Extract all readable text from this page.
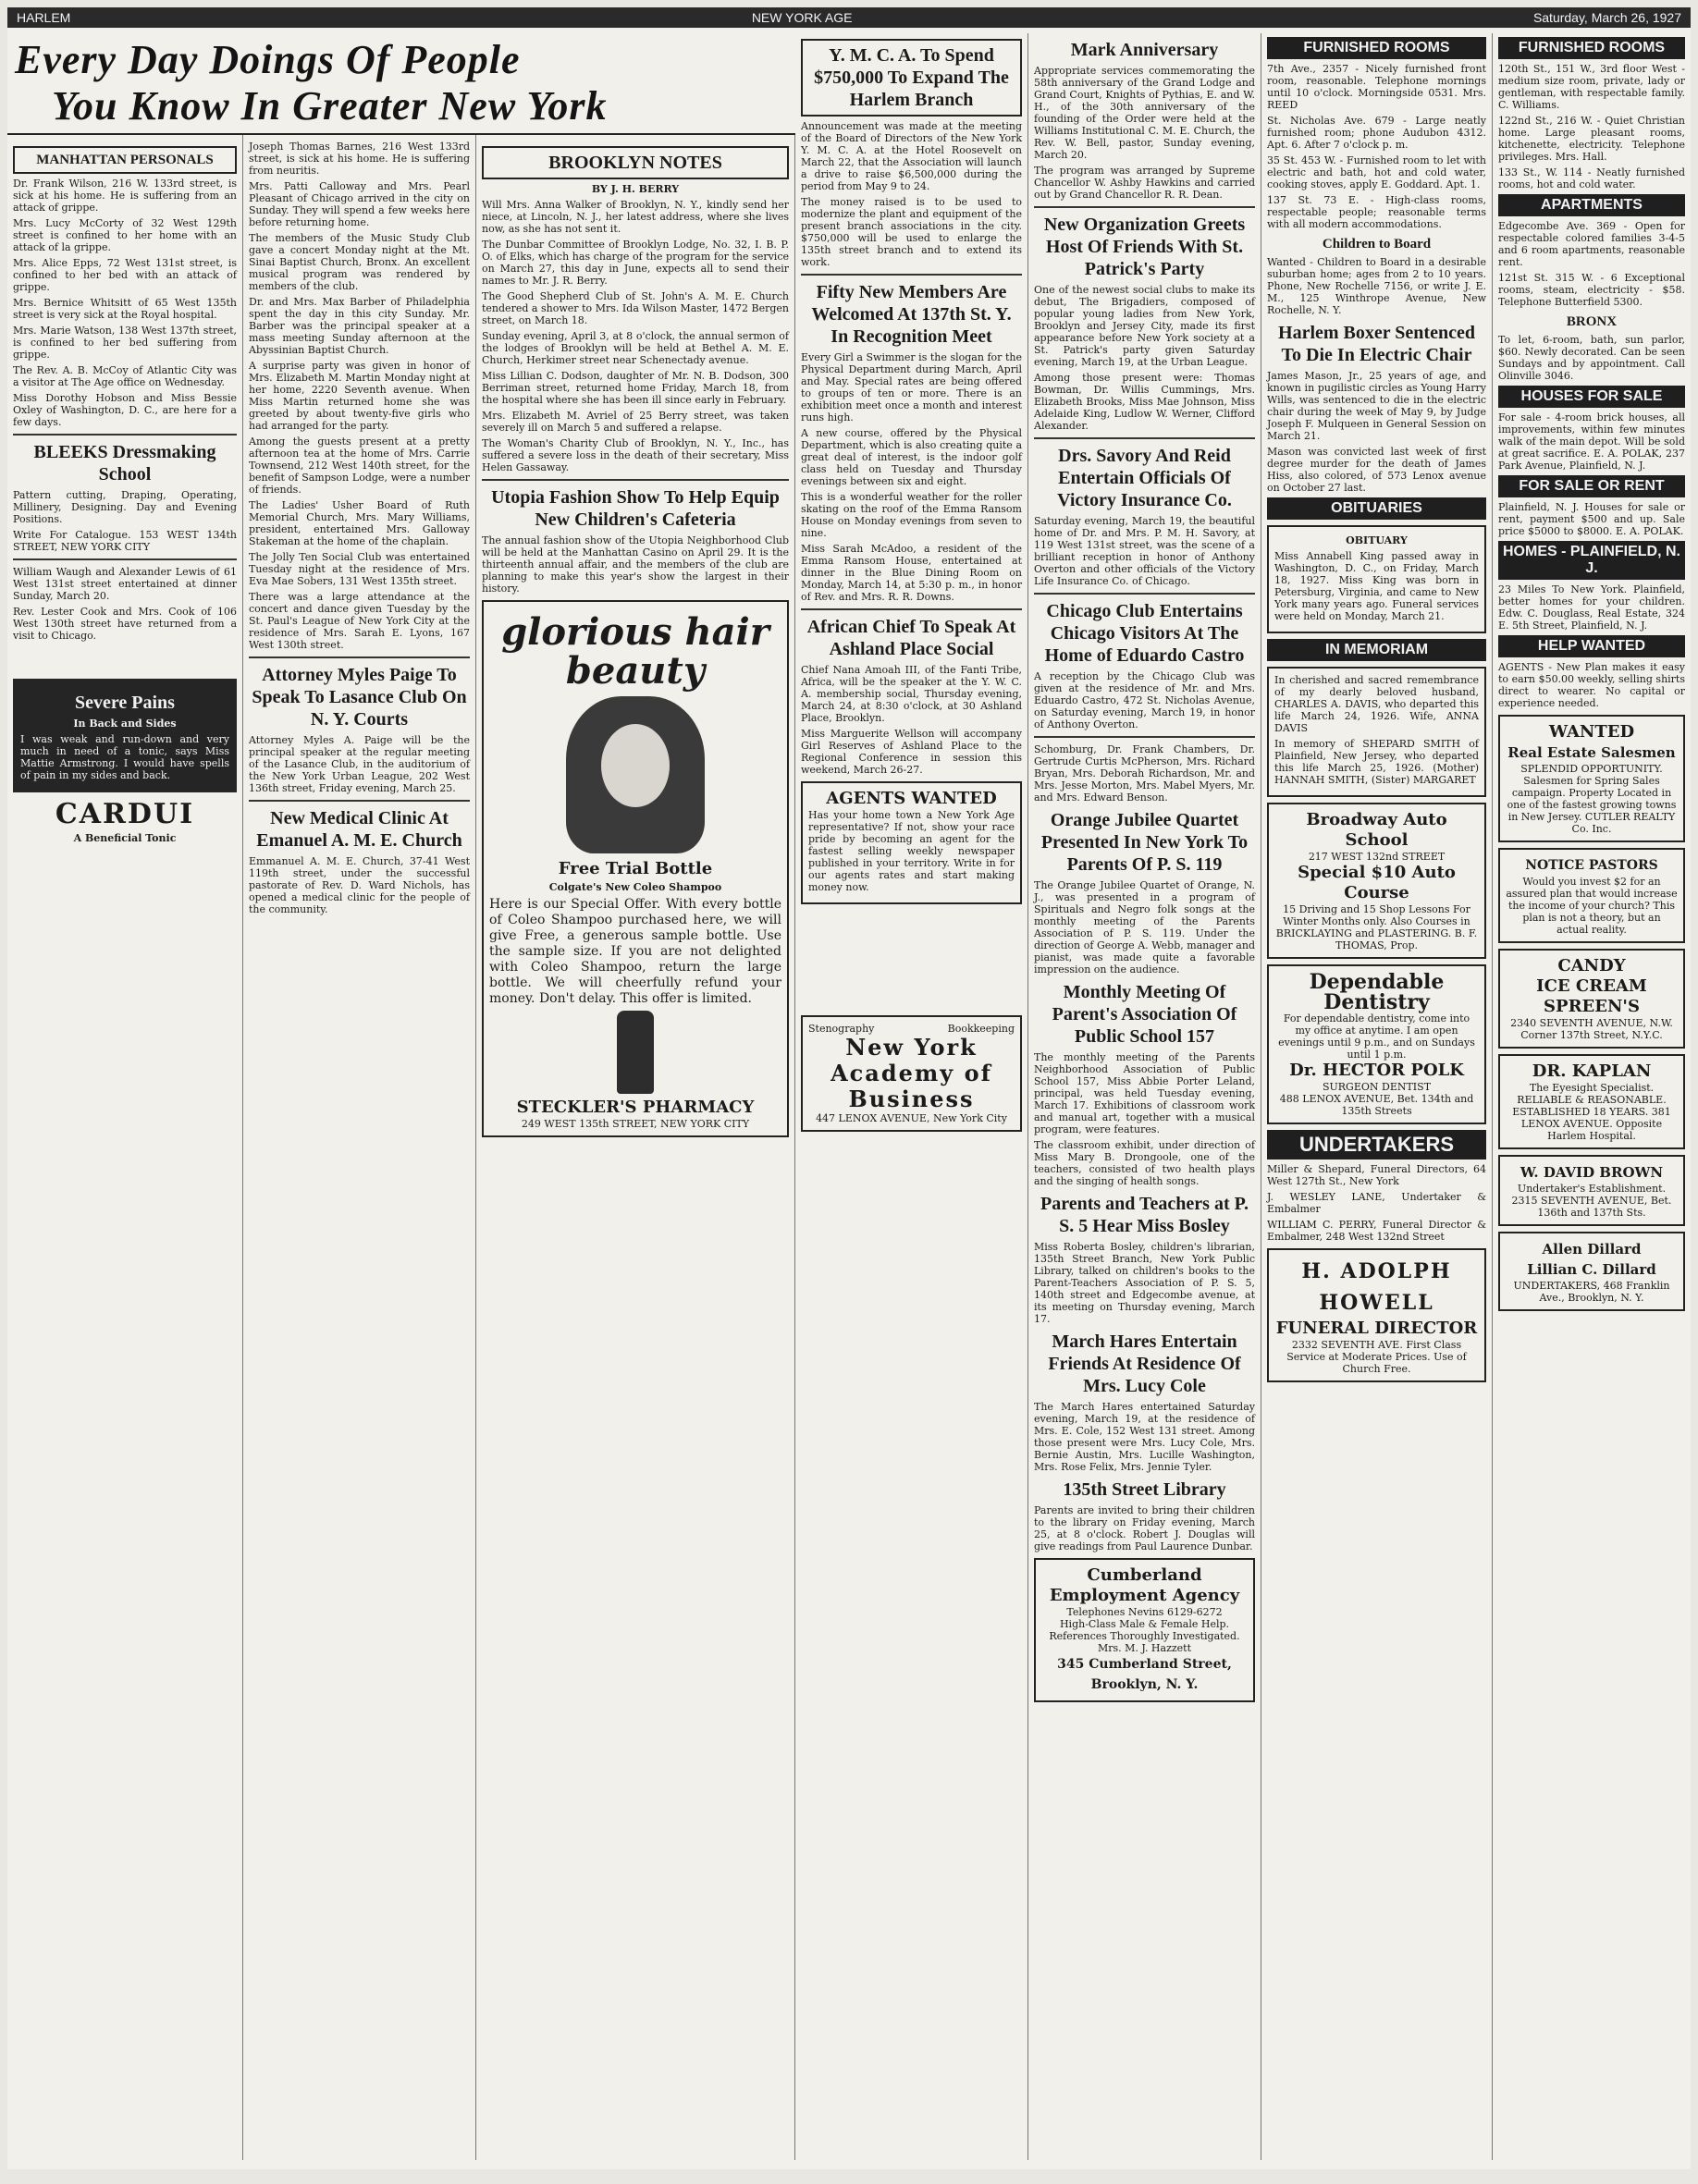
HARLEM	NEW YORK AGE	Saturday, March 26, 1927
Every Day Doings Of People
You Know In Greater New York
MANHATTAN PERSONALS

Dr. Frank Wilson, 216 W. 133rd street, is sick at his home. He is suffering from an attack of grippe.

Mrs. Lucy McCorty of 32 West 129th street is confined to her home with an attack of la grippe.

Mrs. Alice Epps, 72 West 131st street, is confined to her bed with an attack of grippe.

Mrs. Bernice Whitsitt of 65 West 135th street is very sick at the Royal hospital.

Mrs. Marie Watson, 138 West 137th street, is confined to her bed suffering from grippe.

The Rev. A. B. McCoy of Atlantic City was a visitor at The Age office on Wednesday.

Miss Dorothy Hobson and Miss Bessie Oxley of Washington, D. C., are here for a few days.

BLEEKS Dressmaking School

Pattern cutting, Draping, Operating, Millinery, Designing. Day and Evening Positions.

Write For Catalogue. 153 WEST 134th STREET, NEW YORK CITY

William Waugh and Alexander Lewis of 61 West 131st street entertained at dinner Sunday, March 20.

Rev. Lester Cook and Mrs. Cook of 106 West 130th street have returned from a visit to Chicago.

Severe Pains
In Back and Sides

I was weak and run-down and very much in need of a tonic, says Miss Mattie Armstrong. I would have spells of pain in my sides and back.

CARDUI
A Beneficial Tonic

Joseph Thomas Barnes, 216 West 133rd street, is sick at his home. He is suffering from neuritis.

Mrs. Patti Calloway and Mrs. Pearl Pleasant of Chicago arrived in the city on Sunday. They will spend a few weeks here before returning home.

The members of the Music Study Club gave a concert Monday night at the Mt. Sinai Baptist Church, Bronx. An excellent musical program was rendered by members of the club.

Dr. and Mrs. Max Barber of Philadelphia spent the day in this city Sunday. Mr. Barber was the principal speaker at a mass meeting Sunday afternoon at the Abyssinian Baptist Church.

A surprise party was given in honor of Mrs. Elizabeth M. Martin Monday night at her home, 2220 Seventh avenue. When Miss Martin returned home she was greeted by about twenty-five girls who had arranged for the party.

Among the guests present at a pretty afternoon tea at the home of Mrs. Carrie Townsend, 212 West 140th street, for the benefit of Sampson Lodge, were a number of friends.

The Ladies' Usher Board of Ruth Memorial Church, Mrs. Mary Williams, president, entertained Mrs. Galloway Stakeman at the home of the chaplain.

The Jolly Ten Social Club was entertained Tuesday night at the residence of Mrs. Eva Mae Sobers, 131 West 135th street.

There was a large attendance at the concert and dance given Tuesday by the St. Paul's League of New York City at the residence of Mrs. Sarah E. Lyons, 167 West 130th street.

Attorney Myles Paige To Speak To Lasance Club On N. Y. Courts

Attorney Myles A. Paige will be the principal speaker at the regular meeting of the Lasance Club, in the auditorium of the New York Urban League, 202 West 136th street, Friday evening, March 25.

New Medical Clinic At Emanuel A. M. E. Church

Emmanuel A. M. E. Church, 37-41 West 119th street, under the successful pastorate of Rev. D. Ward Nichols, has opened a medical clinic for the people of the community.

BROOKLYN NOTES
BY J. H. BERRY

Will Mrs. Anna Walker of Brooklyn, N. Y., kindly send her niece, at Lincoln, N. J., her latest address, where she lives now, as she has not sent it.

The Dunbar Committee of Brooklyn Lodge, No. 32, I. B. P. O. of Elks, which has charge of the program for the service on March 27, this day in June, expects all to send their names to Mr. J. R. Berry.

The Good Shepherd Club of St. John's A. M. E. Church tendered a shower to Mrs. Ida Wilson Master, 1472 Bergen street, on March 18.

Sunday evening, April 3, at 8 o'clock, the annual sermon of the lodges of Brooklyn will be held at Bethel A. M. E. Church, Herkimer street near Schenectady avenue.

Miss Lillian C. Dodson, daughter of Mr. N. B. Dodson, 300 Berriman street, returned home Friday, March 18, from the hospital where she has been ill since early in February.

Mrs. Elizabeth M. Avriel of 25 Berry street, was taken severely ill on March 5 and suffered a relapse.

The Woman's Charity Club of Brooklyn, N. Y., Inc., has suffered a severe loss in the death of their secretary, Miss Helen Gassaway.

Utopia Fashion Show To Help Equip New Children's Cafeteria

The annual fashion show of the Utopia Neighborhood Club will be held at the Manhattan Casino on April 29. It is the thirteenth annual affair, and the members of the club are planning to make this year's show the largest in their history.

glorious hair beauty
Free Trial Bottle
Colgate's New Coleo Shampoo

Here is our Special Offer. With every bottle of Coleo Shampoo purchased here, we will give Free, a generous sample bottle. Use the sample size. If you are not delighted with Coleo Shampoo, return the large bottle. We will cheerfully refund your money. Don't delay. This offer is limited.

STECKLER'S PHARMACY
249 WEST 135th STREET, NEW YORK CITY
Y. M. C. A. To Spend $750,000 To Expand The Harlem Branch

Announcement was made at the meeting of the Board of Directors of the New York Y. M. C. A. at the Hotel Roosevelt on March 22, that the Association will launch a drive to raise $6,500,000 during the period from May 9 to 24.

The money raised is to be used to modernize the plant and equipment of the present branch associations in the city. $750,000 will be used to enlarge the 135th street branch and to extend its work.

Fifty New Members Are Welcomed At 137th St. Y. In Recognition Meet

Every Girl a Swimmer is the slogan for the Physical Department during March, April and May. Special rates are being offered to groups of ten or more. There is an exhibition meet once a month and interest runs high.

A new course, offered by the Physical Department, which is also creating quite a great deal of interest, is the indoor golf class held on Tuesday and Thursday evenings between six and eight.

This is a wonderful weather for the roller skating on the roof of the Emma Ransom House on Monday evenings from seven to nine.

Miss Sarah McAdoo, a resident of the Emma Ransom House, entertained at dinner in the Blue Dining Room on Monday, March 14, at 5:30 p. m., in honor of Rev. and Mrs. R. R. Downs.

African Chief To Speak At Ashland Place Social

Chief Nana Amoah III, of the Fanti Tribe, Africa, will be the speaker at the Y. W. C. A. membership social, Thursday evening, March 24, at 8:30 o'clock, at 30 Ashland Place, Brooklyn.

Miss Marguerite Wellson will accompany Girl Reserves of Ashland Place to the Regional Conference in session this weekend, March 26-27.

AGENTS WANTED

Has your home town a New York Age representative? If not, show your race pride by becoming an agent for the fastest selling weekly newspaper published in your territory. Write in for our agents rates and start making money now.

Stenography	Bookkeeping
New York Academy of Business
447 LENOX AVENUE, New York City
Mark Anniversary

Appropriate services commemorating the 58th anniversary of the Grand Lodge and Grand Court, Knights of Pythias, E. and W. H., of the 30th anniversary of the founding of the Order were held at the Williams Institutional C. M. E. Church, the Rev. W. Bell, pastor, Sunday evening, March 20.

The program was arranged by Supreme Chancellor W. Ashby Hawkins and carried out by Grand Chancellor R. R. Dean.

New Organization Greets Host Of Friends With St. Patrick's Party

One of the newest social clubs to make its debut, The Brigadiers, composed of popular young ladies from New York, Brooklyn and Jersey City, made its first appearance before New York society at a St. Patrick's party given Saturday evening, March 19, at the Urban League.

Among those present were: Thomas Bowman, Dr. Willis Cummings, Mrs. Elizabeth Brooks, Miss Mae Johnson, Miss Adelaide King, Ludlow W. Werner, Clifford Alexander.

Drs. Savory And Reid Entertain Officials Of Victory Insurance Co.

Saturday evening, March 19, the beautiful home of Dr. and Mrs. P. M. H. Savory, at 119 West 131st street, was the scene of a brilliant reception in honor of Anthony Overton and other officials of the Victory Life Insurance Co. of Chicago.

Chicago Club Entertains Chicago Visitors At The Home of Eduardo Castro

A reception by the Chicago Club was given at the residence of Mr. and Mrs. Eduardo Castro, 472 St. Nicholas Avenue, on Saturday evening, March 19, in honor of Anthony Overton.

Schomburg, Dr. Frank Chambers, Dr. Gertrude Curtis McPherson, Mrs. Richard Bryan, Mrs. Deborah Richardson, Mr. and Mrs. Jesse Morton, Mrs. Mabel Myers, Mr. and Mrs. Edward Benson.

Orange Jubilee Quartet Presented In New York To Parents Of P. S. 119

The Orange Jubilee Quartet of Orange, N. J., was presented in a program of Spirituals and Negro folk songs at the monthly meeting of the Parents Association of P. S. 119. Under the direction of George A. Webb, manager and pianist, was made quite a favorable impression on the audience.

Monthly Meeting Of Parent's Association Of Public School 157

The monthly meeting of the Parents Neighborhood Association of Public School 157, Miss Abbie Porter Leland, principal, was held Tuesday evening, March 17. Exhibitions of classroom work and manual art, together with a musical program, were features.

The classroom exhibit, under direction of Miss Mary B. Drongoole, one of the teachers, consisted of two health plays and the singing of health songs.

Parents and Teachers at P. S. 5 Hear Miss Bosley

Miss Roberta Bosley, children's librarian, 135th Street Branch, New York Public Library, talked on children's books to the Parent-Teachers Association of P. S. 5, 140th street and Edgecombe avenue, at its meeting on Thursday evening, March 17.

March Hares Entertain Friends At Residence Of Mrs. Lucy Cole

The March Hares entertained Saturday evening, March 19, at the residence of Mrs. E. Cole, 152 West 131 street. Among those present were Mrs. Lucy Cole, Mrs. Bernie Austin, Mrs. Lucille Washington, Mrs. Rose Felix, Mrs. Jennie Tyler.

135th Street Library

Parents are invited to bring their children to the library on Friday evening, March 25, at 8 o'clock. Robert J. Douglas will give readings from Paul Laurence Dunbar.

Cumberland Employment Agency
Telephones Nevins 6129-6272
High-Class Male & Female Help. References Thoroughly Investigated.
Mrs. M. J. Hazzett
345 Cumberland Street, Brooklyn, N. Y.
FURNISHED ROOMS

7th Ave., 2357 - Nicely furnished front room, reasonable. Telephone mornings until 10 o'clock. Morningside 0531. Mrs. REED

St. Nicholas Ave. 679 - Large neatly furnished room; phone Audubon 4312. Apt. 6. After 7 o'clock p. m.

35 St. 453 W. - Furnished room to let with electric and bath, hot and cold water, cooking stoves, apply E. Goddard. Apt. 1.

137 St. 73 E. - High-class rooms, respectable people; reasonable terms with all modern accommodations.

Children to Board

Wanted - Children to Board in a desirable suburban home; ages from 2 to 10 years. Phone, New Rochelle 7156, or write J. E. M., 125 Winthrope Avenue, New Rochelle, N. Y.

Harlem Boxer Sentenced To Die In Electric Chair

James Mason, Jr., 25 years of age, and known in pugilistic circles as Young Harry Wills, was sentenced to die in the electric chair during the week of May 9, by Judge Joseph F. Mulqueen in General Session on March 21.

Mason was convicted last week of first degree murder for the death of James Hiss, also colored, of 573 Lenox avenue on October 27 last.

OBITUARIES
OBITUARY

Miss Annabell King passed away in Washington, D. C., on Friday, March 18, 1927. Miss King was born in Petersburg, Virginia, and came to New York many years ago. Funeral services were held on Monday, March 21.

IN MEMORIAM

In cherished and sacred remembrance of my dearly beloved husband, CHARLES A. DAVIS, who departed this life March 24, 1926. Wife, ANNA DAVIS

In memory of SHEPARD SMITH of Plainfield, New Jersey, who departed this life March 25, 1926. (Mother) HANNAH SMITH, (Sister) MARGARET

Broadway Auto School
217 WEST 132nd STREET
Special $10 Auto Course
15 Driving and 15 Shop Lessons For Winter Months only. Also Courses in BRICKLAYING and PLASTERING. B. F. THOMAS, Prop.
Dependable Dentistry
For dependable dentistry, come into my office at anytime. I am open evenings until 9 p.m., and on Sundays until 1 p.m.
Dr. HECTOR POLK
SURGEON DENTIST
488 LENOX AVENUE, Bet. 134th and 135th Streets
UNDERTAKERS

Miller & Shepard, Funeral Directors, 64 West 127th St., New York

J. WESLEY LANE, Undertaker & Embalmer

WILLIAM C. PERRY, Funeral Director & Embalmer, 248 West 132nd Street

H. ADOLPH HOWELL
FUNERAL DIRECTOR
2332 SEVENTH AVE. First Class Service at Moderate Prices. Use of Church Free.
FURNISHED ROOMS

120th St., 151 W., 3rd floor West - medium size room, private, lady or gentleman, with respectable family. C. Williams.

122nd St., 216 W. - Quiet Christian home. Large pleasant rooms, kitchenette, electricity. Telephone privileges. Mrs. Hall.

133 St., W. 114 - Neatly furnished rooms, hot and cold water.

APARTMENTS

Edgecombe Ave. 369 - Open for respectable colored families 3-4-5 and 6 room apartments, reasonable rent.

121st St. 315 W. - 6 Exceptional rooms, steam, electricity - $58. Telephone Butterfield 5300.

BRONX

To let, 6-room, bath, sun parlor, $60. Newly decorated. Can be seen Sundays and by appointment. Call Olinville 3046.

HOUSES FOR SALE

For sale - 4-room brick houses, all improvements, within few minutes walk of the main depot. Will be sold at great sacrifice. E. A. POLAK, 237 Park Avenue, Plainfield, N. J.

FOR SALE OR RENT

Plainfield, N. J. Houses for sale or rent, payment $500 and up. Sale price $5000 to $8000. E. A. POLAK.

HOMES - PLAINFIELD, N. J.

23 Miles To New York. Plainfield, better homes for your children. Edw. C. Douglass, Real Estate, 324 E. 5th Street, Plainfield, N. J.

HELP WANTED

AGENTS - New Plan makes it easy to earn $50.00 weekly, selling shirts direct to wearer. No capital or experience needed.

WANTED
Real Estate Salesmen
SPLENDID OPPORTUNITY. Salesmen for Spring Sales campaign. Property Located in one of the fastest growing towns in New Jersey. CUTLER REALTY Co. Inc.
NOTICE PASTORS
Would you invest $2 for an assured plan that would increase the income of your church? This plan is not a theory, but an actual reality.
CANDY
ICE CREAM
SPREEN'S
2340 SEVENTH AVENUE, N.W. Corner 137th Street, N.Y.C.
DR. KAPLAN
The Eyesight Specialist. RELIABLE & REASONABLE. ESTABLISHED 18 YEARS. 381 LENOX AVENUE. Opposite Harlem Hospital.
W. DAVID BROWN
Undertaker's Establishment. 2315 SEVENTH AVENUE, Bet. 136th and 137th Sts.
Allen Dillard
Lillian C. Dillard
UNDERTAKERS, 468 Franklin Ave., Brooklyn, N. Y.
